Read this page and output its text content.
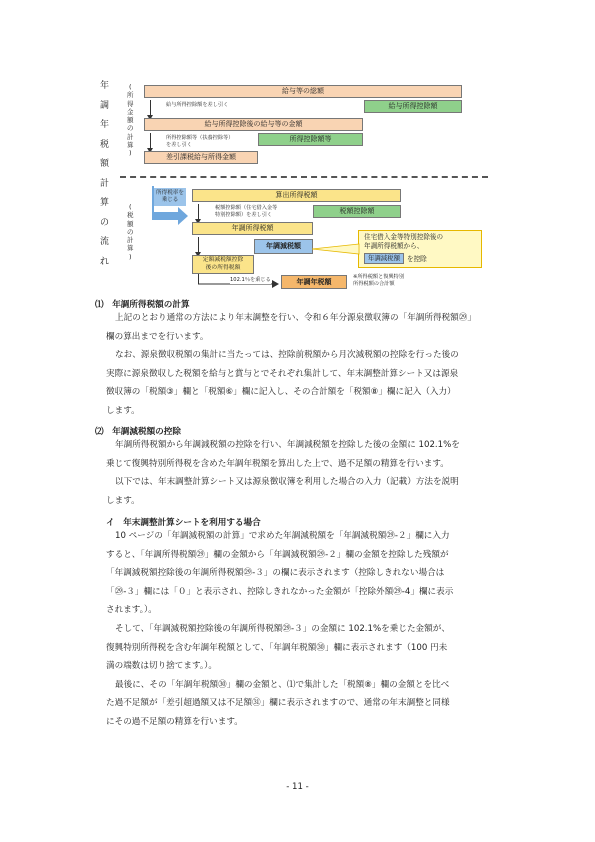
年
調
年
税
額
計
算
の
流
れ
(
所
得
金
額
の
計
算
)
(
税
額
の
計
算
)
給与等の総額
給与所得控除額を差し引く	給与所得控除額
給与所得控除後の給与等の金額
所得控除額等（扶養控除等）
を差し引く
所得控除額等
差引課税給与所得金額
所得税率を
乗じる
算出所得税額
税額控除額（住宅借入金等
特別控除額）を差し引く	税額控除額
年調所得税額
年調減税額
住宅借入金等特別控除後の
年調所得税額から、
年調減税額 を控除
定額減税額控除
後の所得税額
102.1％を乗じる	年調年税額
※所得税額と復興特別
所得税額の合計額
⑴　年調所得税額の計算
上記のとおり通常の方法により年末調整を行い、令和６年分源泉徴収簿の「年調所得税額㉙」
欄の算出までを行います。
なお、源泉徴収税額の集計に当たっては、控除前税額から月次減税額の控除を行った後の
実際に源泉徴収した税額を給与と賞与とでそれぞれ集計して、年末調整計算シート又は源泉
徴収簿の「税額③」欄と「税額⑥」欄に記入し、その合計額を「税額⑧」欄に記入（入力）
します。
⑵　年調減税額の控除
年調所得税額から年調減税額の控除を行い、年調減税額を控除した後の金額に 102.1%を
乗じて復興特別所得税を含めた年調年税額を算出した上で、過不足額の精算を行います。
以下では、年末調整計算シート又は源泉徴収簿を利用した場合の入力（記載）方法を説明
します。
イ　年末調整計算シートを利用する場合
10 ページの「年調減税額の計算」で求めた年調減税額を「年調減税額㉙-２」欄に入力
すると、「年調所得税額㉙」欄の金額から「年調減税額㉙-２」欄の金額を控除した残額が
「年調減税額控除後の年調所得税額㉙-３」の欄に表示されます（控除しきれない場合は
「㉙-３」欄には「０」と表示され、控除しきれなかった金額が「控除外額㉙-4」欄に表示
されます。）。
そして、「年調減税額控除後の年調所得税額㉙-３」の金額に 102.1%を乗じた金額が、
復興特別所得税を含む年調年税額として、「年調年税額㉚」欄に表示されます（100 円未
満の端数は切り捨てます。）。
最後に、その「年調年税額㉚」欄の金額と、⑴で集計した「税額⑧」欄の金額とを比べ
た過不足額が「差引超過額又は不足額㉛」欄に表示されますので、通常の年末調整と同様
にその過不足額の精算を行います。
- 11 -
